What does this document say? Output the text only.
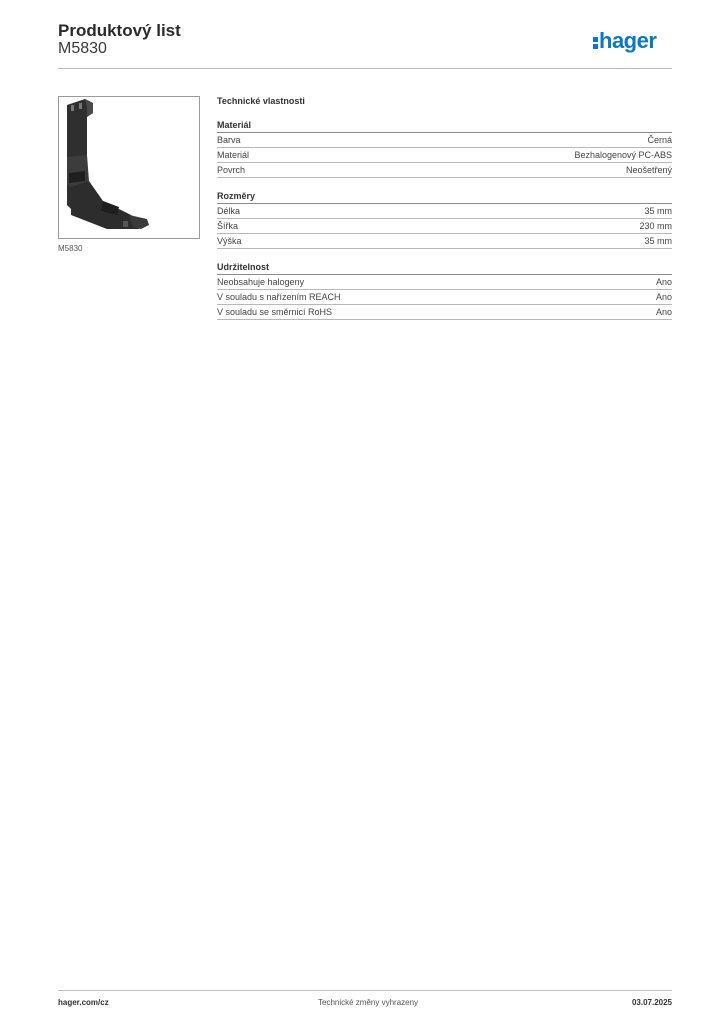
Produktový list
M5830	hager
M5830
Technické vlastnosti
Materiál
Barva	Černá
Materiál	Bezhalogenový PC-ABS
Povrch	Neošetřený
Rozměry
Délka	35 mm
Šířka	230 mm
Výška	35 mm
Udržitelnost
Neobsahuje halogeny	Ano
V souladu s nařízením REACH	Ano
V souladu se směrnicí RoHS	Ano
hager.com/cz	Technické změny vyhrazeny	03.07.2025
